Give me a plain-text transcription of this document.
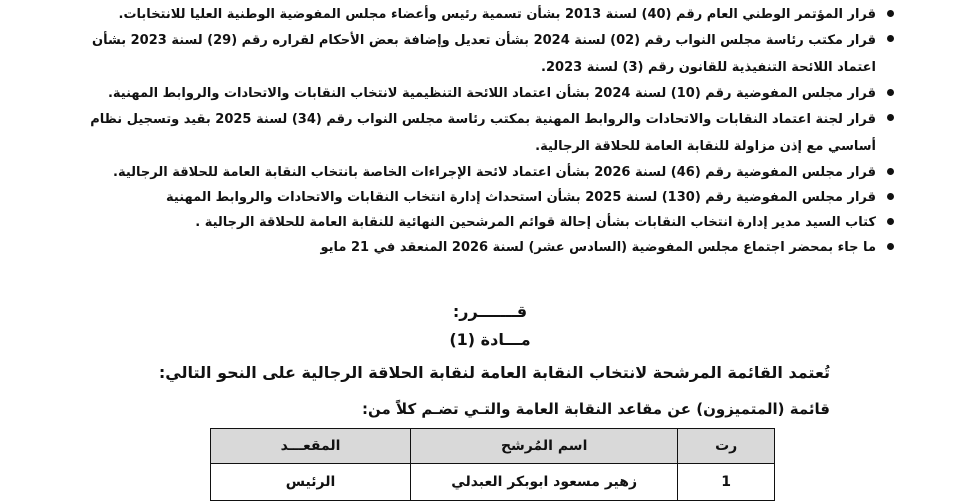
قرار المؤتمر الوطني العام رقم (40) لسنة 2013 بشأن تسمية رئيس وأعضاء مجلس المفوضية الوطنية العليا للانتخابات.
قرار مكتب رئاسة مجلس النواب رقم (02) لسنة 2024 بشأن تعديل وإضافة بعض الأحكام لقراره رقم (29) لسنة 2023 بشأن اعتماد اللائحة التنفيذية للقانون رقم (3) لسنة 2023.
قرار مجلس المفوضية رقم (10) لسنة 2024 بشأن اعتماد اللائحة التنظيمية لانتخاب النقابات والاتحادات والروابط المهنية.
قرار لجنة اعتماد النقابات والاتحادات والروابط المهنية بمكتب رئاسة مجلس النواب رقم (34) لسنة 2025 بقيد وتسجيل نظام أساسي مع إذن مزاولة للنقابة العامة للحلاقة الرجالية.
قرار مجلس المفوضية رقم (46) لسنة 2026 بشأن اعتماد لائحة الإجراءات الخاصة بانتخاب النقابة العامة للحلاقة الرجالية.
قرار مجلس المفوضية رقم (130) لسنة 2025 بشأن استحداث إدارة انتخاب النقابات والاتحادات والروابط المهنية
كتاب السيد مدير إدارة انتخاب النقابات بشأن إحالة قوائم المرشحين النهائية للنقابة العامة للحلاقة الرجالية .
ما جاء بمحضر اجتماع مجلس المفوضية (السادس عشر) لسنة 2026 المنعقد في 21 مايو
قـــــــرر:
مـــادة (1)
تُعتمد القائمة المرشحة لانتخاب النقابة العامة لنقابة الحلاقة الرجالية على النحو التالي:
قائمة (المتميزون) عن مقاعد النقابة العامة والتـي تضـم كلاً من:
رت	اسم المُرشح	المقعـــد
1	زهير مسعود ابوبكر العبدلي	الرئيس
